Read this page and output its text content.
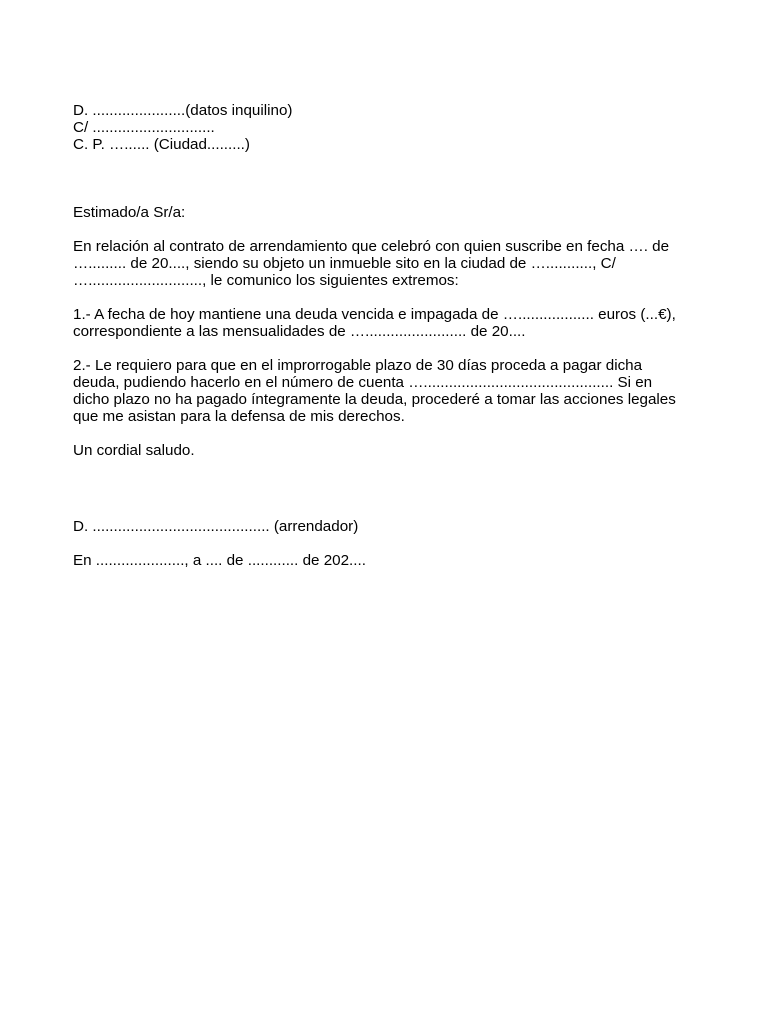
D. ......................(datos inquilino)
C/ .............................
C. P. …...... (Ciudad.........)
Estimado/a Sr/a:
En relación al contrato de arrendamiento que celebró con quien suscribe en fecha …. de
…......... de 20...., siendo su objeto un inmueble sito en la ciudad de …..........., C/
…..........................., le comunico los siguientes extremos:
1.- A fecha de hoy mantiene una deuda vencida e impagada de ….................. euros (...€),
correspondiente a las mensualidades de …........................ de 20....
2.- Le requiero para que en el improrrogable plazo de 30 días proceda a pagar dicha
deuda, pudiendo hacerlo en el número de cuenta …............................................. Si en
dicho plazo no ha pagado íntegramente la deuda, procederé a tomar las acciones legales
que me asistan para la defensa de mis derechos.
Un cordial saludo.
D. .......................................... (arrendador)
En ....................., a .... de ............ de 202....
